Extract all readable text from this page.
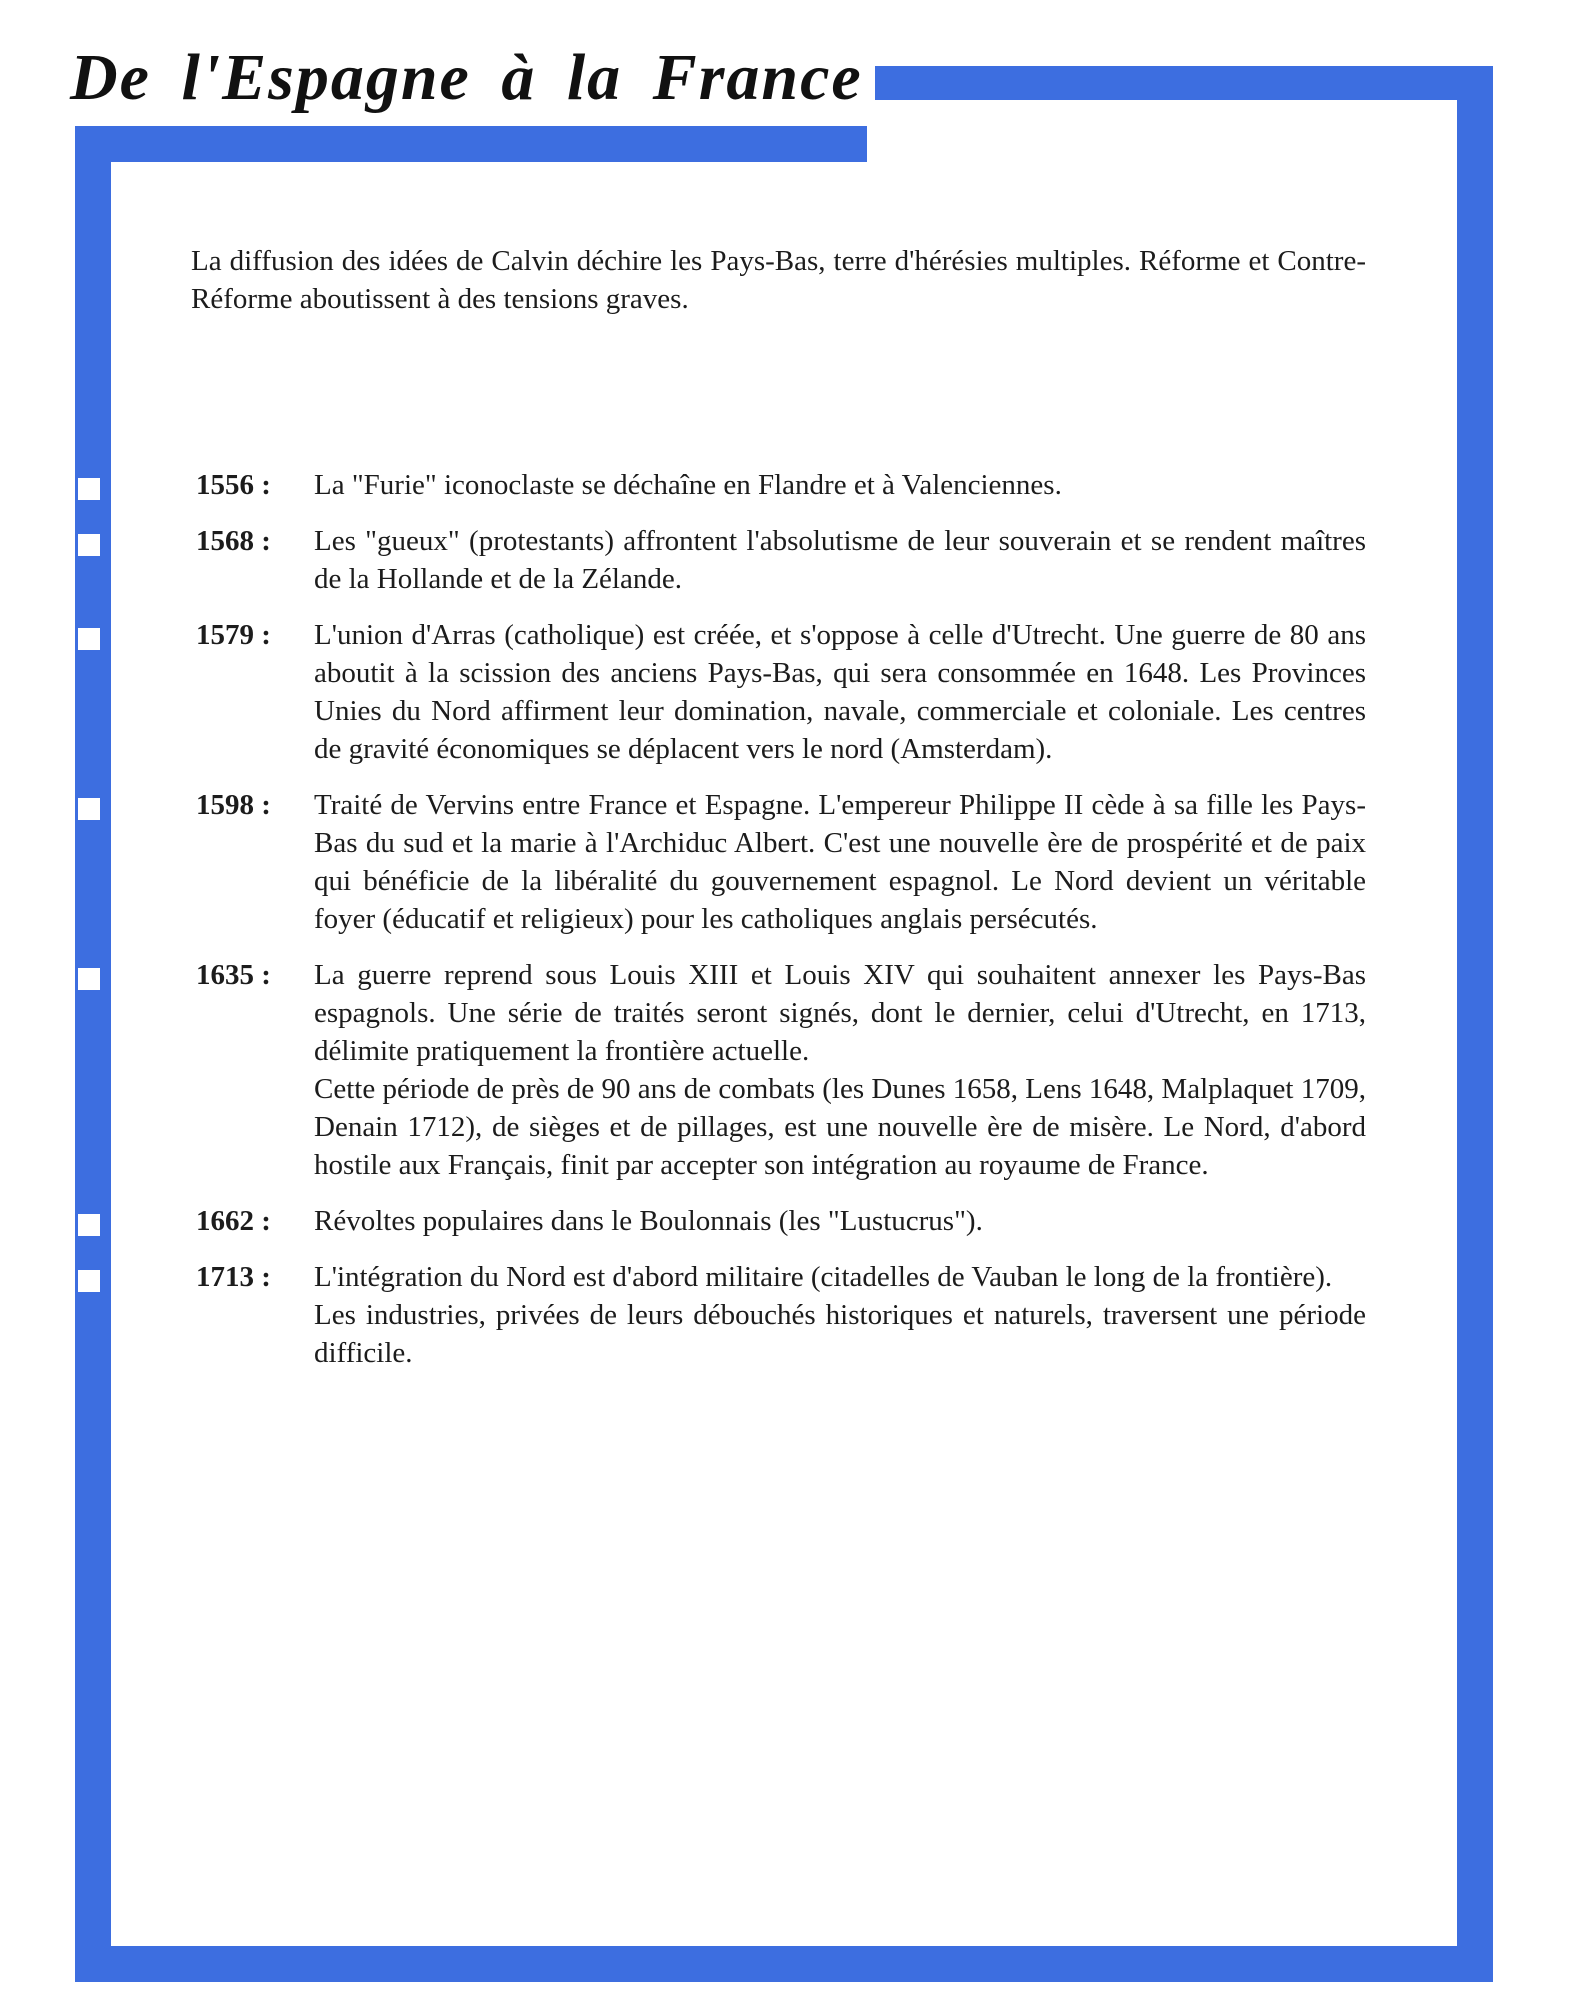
De l'Espagne à la France

La diffusion des idées de Calvin déchire les Pays-Bas, terre d'hérésies multiples. Réforme et Contre-Réforme aboutissent à des tensions graves.

1556 : La "Furie" iconoclaste se déchaîne en Flandre et à Valenciennes.

1568 : Les "gueux" (protestants) affrontent l'absolutisme de leur souverain et se rendent maîtres de la Hollande et de la Zélande.

1579 : L'union d'Arras (catholique) est créée, et s'oppose à celle d'Utrecht. Une guerre de 80 ans aboutit à la scission des anciens Pays-Bas, qui sera consommée en 1648. Les Provinces Unies du Nord affirment leur domination, navale, commerciale et coloniale. Les centres de gravité économiques se déplacent vers le nord (Amsterdam).

1598 : Traité de Vervins entre France et Espagne. L'empereur Philippe II cède à sa fille les Pays-Bas du sud et la marie à l'Archiduc Albert. C'est une nouvelle ère de prospérité et de paix qui bénéficie de la libéralité du gouvernement espagnol. Le Nord devient un véritable foyer (éducatif et religieux) pour les catholiques anglais persécutés.

1635 : La guerre reprend sous Louis XIII et Louis XIV qui souhaitent annexer les Pays-Bas espagnols. Une série de traités seront signés, dont le dernier, celui d'Utrecht, en 1713, délimite pratiquement la frontière actuelle.

Cette période de près de 90 ans de combats (les Dunes 1658, Lens 1648, Malplaquet 1709, Denain 1712), de sièges et de pillages, est une nouvelle ère de misère. Le Nord, d'abord hostile aux Français, finit par accepter son intégration au royaume de France.

1662 : Révoltes populaires dans le Boulonnais (les "Lustucrus").

1713 : L'intégration du Nord est d'abord militaire (citadelles de Vauban le long de la frontière).

Les industries, privées de leurs débouchés historiques et naturels, traversent une période difficile.
